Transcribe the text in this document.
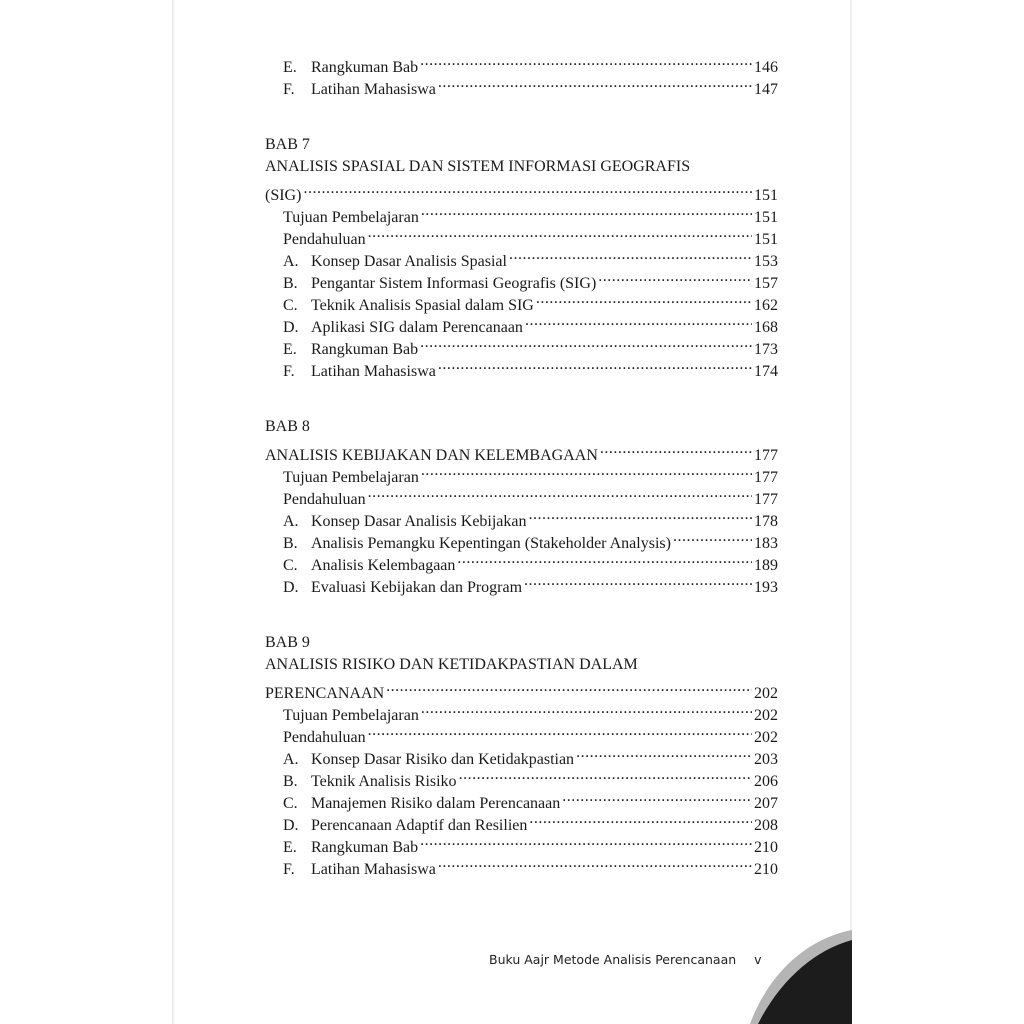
E. Rangkuman Bab .....	146
F.	Latihan Mahasiswa .....	147
BAB 7
ANALISIS SPASIAL DAN SISTEM INFORMASI GEOGRAFIS
(SIG) .....	151
Tujuan Pembelajaran .....	151
Pendahuluan .....	151
A. Konsep Dasar Analisis Spasial .....	153
B. Pengantar Sistem Informasi Geografis (SIG) .....	157
C. Teknik Analisis Spasial dalam SIG .....	162
D. Aplikasi SIG dalam Perencanaan .....	168
E. Rangkuman Bab .....	173
F.	Latihan Mahasiswa .....	174
BAB 8
ANALISIS KEBIJAKAN DAN KELEMBAGAAN .....	177
Tujuan Pembelajaran .....	177
Pendahuluan .....	177
A. Konsep Dasar Analisis Kebijakan .....	178
B. Analisis Pemangku Kepentingan (Stakeholder Analysis) .....	183
C. Analisis Kelembagaan .....	189
D. Evaluasi Kebijakan dan Program .....	193
BAB 9
ANALISIS RISIKO DAN KETIDAKPASTIAN DALAM
PERENCANAAN .....	202
Tujuan Pembelajaran .....	202
Pendahuluan .....	202
A. Konsep Dasar Risiko dan Ketidakpastian .....	203
B. Teknik Analisis Risiko .....	206
C. Manajemen Risiko dalam Perencanaan .....	207
D. Perencanaan Adaptif dan Resilien .....	208
E. Rangkuman Bab .....	210
F.	Latihan Mahasiswa .....	210
Buku Aajr Metode Analisis Perencanaan v
